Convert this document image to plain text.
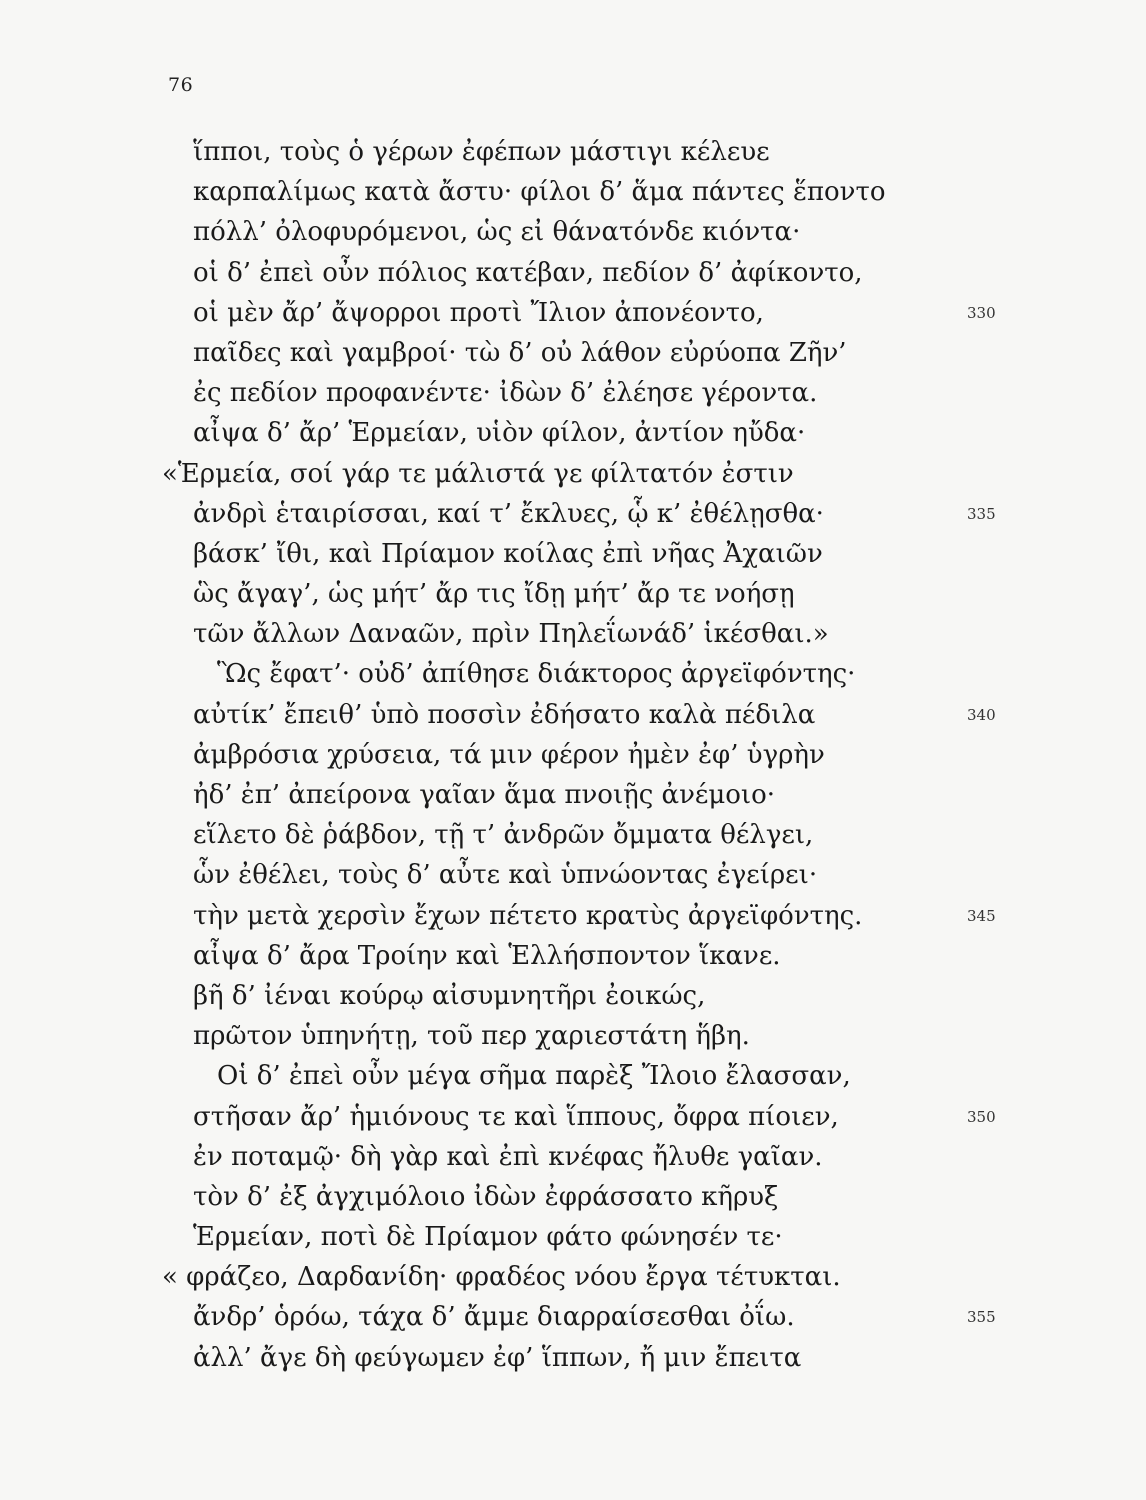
76
ἵπποι, τοὺς ὁ γέρων ἐφέπων μάστιγι κέλευε
καρπαλίμως κατὰ ἄστυ· φίλοι δ’ ἅμα πάντες ἕποντο
πόλλ’ ὀλοφυρόμενοι, ὡς εἰ θάνατόνδε κιόντα·
οἱ δ’ ἐπεὶ οὖν πόλιος κατέβαν, πεδίον δ’ ἀφίκοντο,
οἱ μὲν ἄρ’ ἄψορροι προτὶ Ἴλιον ἀπονέοντο,	330
παῖδες καὶ γαμβροί· τὼ δ’ οὐ λάθον εὐρύοπα Ζῆν’
ἐς πεδίον προφανέντε· ἰδὼν δ’ ἐλέησε γέροντα.
αἶψα δ’ ἄρ’ Ἑρμείαν, υἱὸν φίλον, ἀντίον ηὔδα·
«Ἑρμεία, σοί γάρ τε μάλιστά γε φίλτατόν ἐστιν
ἀνδρὶ ἑταιρίσσαι, καί τ’ ἔκλυες, ᾧ κ’ ἐθέλῃσθα·	335
βάσκ’ ἴθι, καὶ Πρίαμον κοίλας ἐπὶ νῆας Ἀχαιῶν
ὣς ἄγαγ’, ὡς μήτ’ ἄρ τις ἴδῃ μήτ’ ἄρ τε νοήσῃ
τῶν ἄλλων Δαναῶν, πρὶν Πηλεΐωνάδ’ ἱκέσθαι.»
Ὣς ἔφατ’· οὐδ’ ἀπίθησε διάκτορος ἀργεϊφόντης·
αὐτίκ’ ἔπειθ’ ὑπὸ ποσσὶν ἐδήσατο καλὰ πέδιλα	340
ἀμβρόσια χρύσεια, τά μιν φέρον ἠμὲν ἐφ’ ὑγρὴν
ἠδ’ ἐπ’ ἀπείρονα γαῖαν ἅμα πνοιῇς ἀνέμοιο·
εἵλετο δὲ ῥάβδον, τῇ τ’ ἀνδρῶν ὄμματα θέλγει,
ὧν ἐθέλει, τοὺς δ’ αὖτε καὶ ὑπνώοντας ἐγείρει·
τὴν μετὰ χερσὶν ἔχων πέτετο κρατὺς ἀργεϊφόντης.	345
αἶψα δ’ ἄρα Τροίην καὶ Ἑλλήσποντον ἵκανε.
βῆ δ’ ἰέναι κούρῳ αἰσυμνητῆρι ἐοικώς,
πρῶτον ὑπηνήτῃ, τοῦ περ χαριεστάτη ἥβη.
Οἱ δ’ ἐπεὶ οὖν μέγα σῆμα παρὲξ Ἴλοιο ἔλασσαν,
στῆσαν ἄρ’ ἡμιόνους τε καὶ ἵππους, ὄφρα πίοιεν,	350
ἐν ποταμῷ· δὴ γὰρ καὶ ἐπὶ κνέφας ἤλυθε γαῖαν.
τὸν δ’ ἐξ ἀγχιμόλοιο ἰδὼν ἐφράσσατο κῆρυξ
Ἑρμείαν, ποτὶ δὲ Πρίαμον φάτο φώνησέν τε·
« φράζεο, Δαρδανίδη· φραδέος νόου ἔργα τέτυκται.
ἄνδρ’ ὁρόω, τάχα δ’ ἄμμε διαρραίσεσθαι ὀΐω.	355
ἀλλ’ ἄγε δὴ φεύγωμεν ἐφ’ ἵππων, ἤ μιν ἔπειτα
